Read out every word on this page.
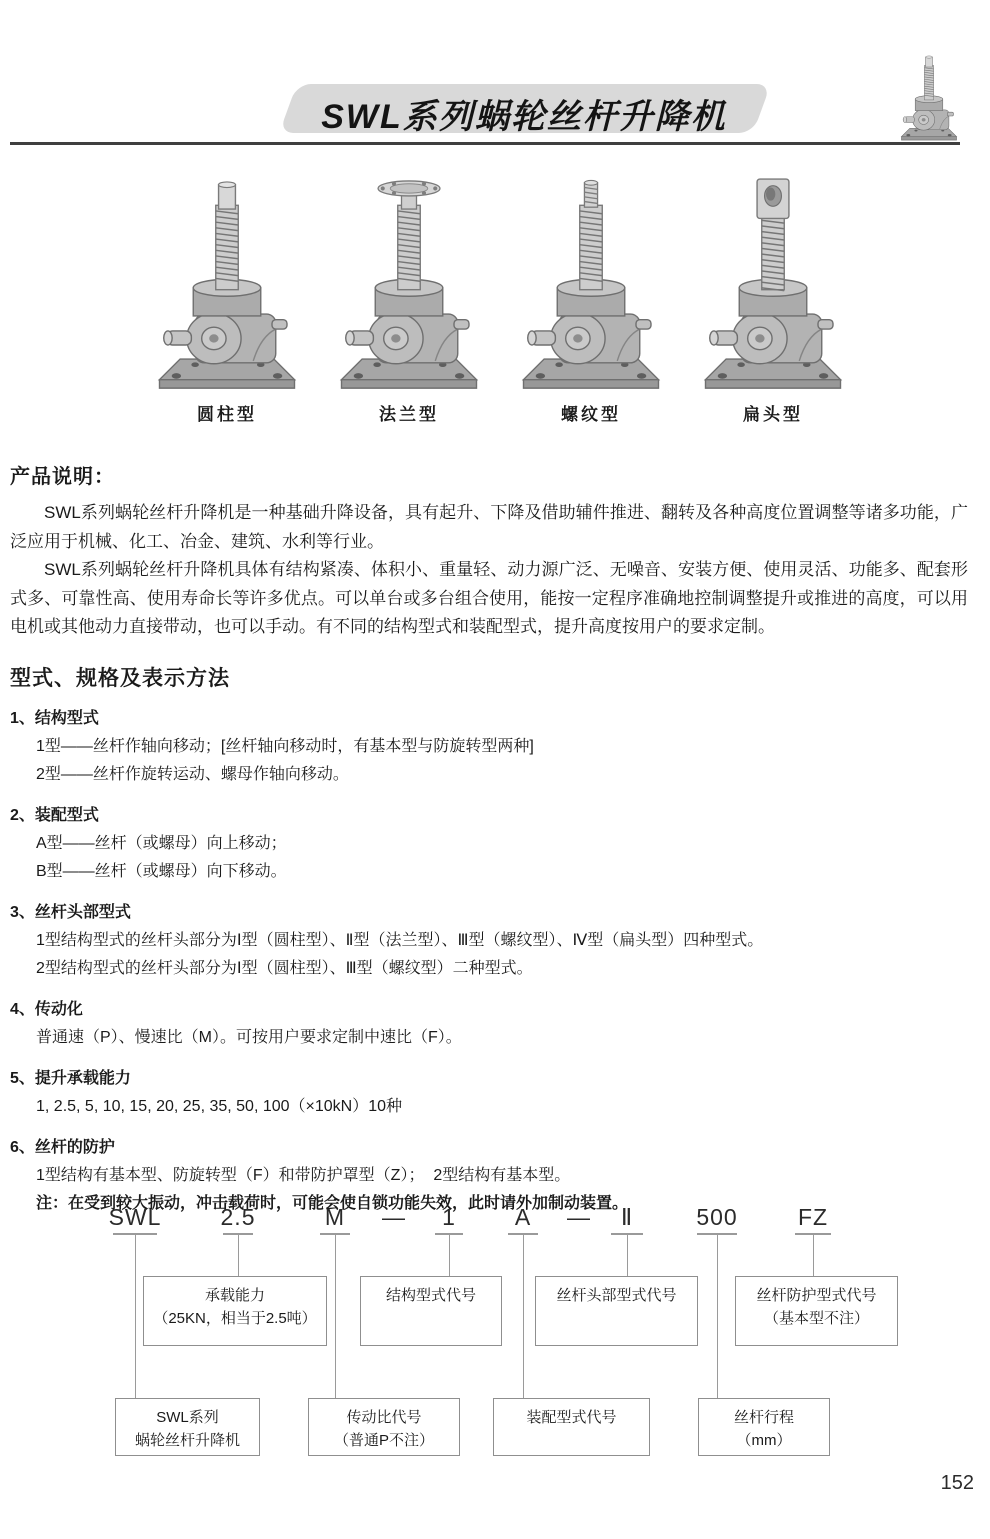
SWL系列蜗轮丝杆升降机
圆柱型	法兰型	螺纹型	扁头型
产品说明：

SWL系列蜗轮丝杆升降机是一种基础升降设备，具有起升、下降及借助辅件推进、翻转及各种高度位置调整等诸多功能，广泛应用于机械、化工、冶金、建筑、水利等行业。

SWL系列蜗轮丝杆升降机具体有结构紧凑、体积小、重量轻、动力源广泛、无噪音、安装方便、使用灵活、功能多、配套形式多、可靠性高、使用寿命长等许多优点。可以单台或多台组合使用，能按一定程序准确地控制调整提升或推进的高度，可以用电机或其他动力直接带动，也可以手动。有不同的结构型式和装配型式，提升高度按用户的要求定制。

型式、规格及表示方法
1、结构型式
1型——丝杆作轴向移动；[丝杆轴向移动时，有基本型与防旋转型两种]
2型——丝杆作旋转运动、螺母作轴向移动。
2、装配型式
A型——丝杆（或螺母）向上移动；
B型——丝杆（或螺母）向下移动。
3、丝杆头部型式
1型结构型式的丝杆头部分为Ⅰ型（圆柱型）、Ⅱ型（法兰型）、Ⅲ型（螺纹型）、Ⅳ型（扁头型）四种型式。
2型结构型式的丝杆头部分为Ⅰ型（圆柱型）、Ⅲ型（螺纹型）二种型式。
4、传动化
普通速（P）、慢速比（M）。可按用户要求定制中速比（F）。
5、提升承载能力
1, 2.5, 5, 10, 15, 20, 25, 35, 50, 100（×10kN）10种
6、丝杆的防护
1型结构有基本型、防旋转型（F）和带防护罩型（Z）；  2型结构有基本型。
注：在受到较大振动，冲击载荷时，可能会使自锁功能失效，此时请外加制动装置。
SWL	2.5	M — 1	A — Ⅱ	500	FZ
承载能力
（25KN，相当于2.5吨）
结构型式代号	丝杆头部型式代号	丝杆防护型式代号
（基本型不注）
SWL系列
蜗轮丝杆升降机
传动比代号
（普通P不注）
装配型式代号	丝杆行程
（mm）
152
